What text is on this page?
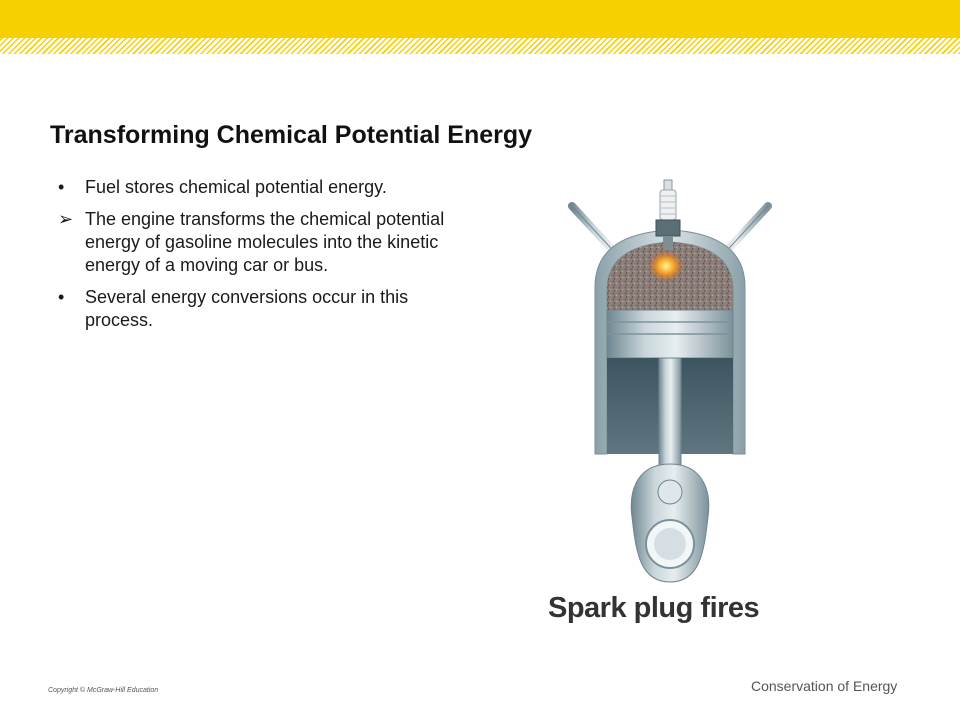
Transforming Chemical Potential Energy
• Fuel stores chemical potential energy.
➢ The engine transforms the chemical potential energy of gasoline molecules into the kinetic energy of a moving car or bus.
• Several energy conversions occur in this process.
Spark plug fires
Copyright © McGraw-Hill Education	Conservation of Energy
